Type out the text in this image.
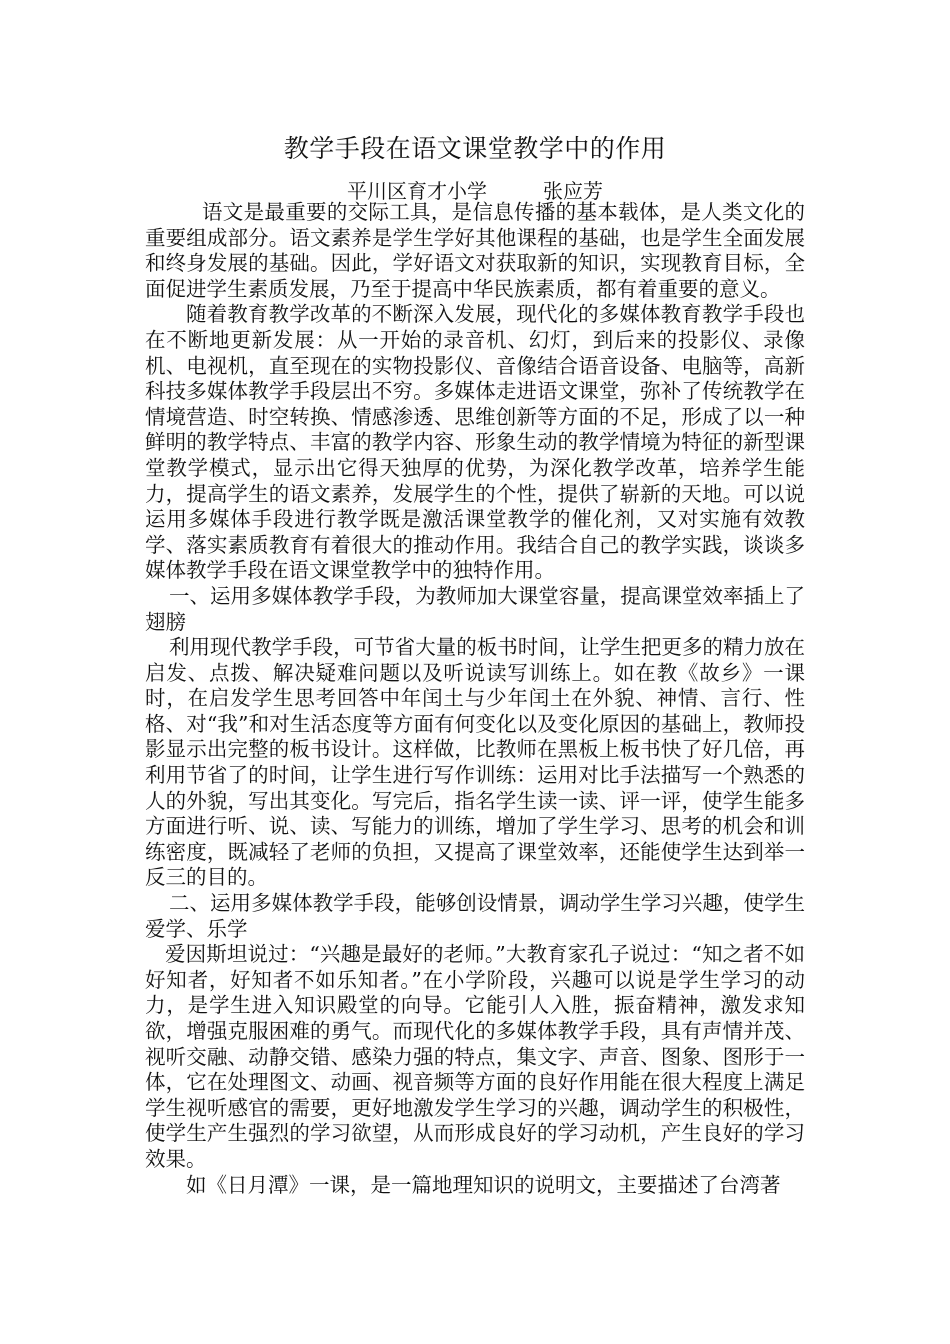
教学手段在语文课堂教学中的作用
平川区育才小学	张应芳

语文是最重要的交际工具，是信息传播的基本载体，是人类文化的重要组成部分。语文素养是学生学好其他课程的基础，也是学生全面发展和终身发展的基础。因此，学好语文对获取新的知识，实现教育目标，全面促进学生素质发展，乃至于提高中华民族素质，都有着重要的意义。

随着教育教学改革的不断深入发展，现代化的多媒体教育教学手段也在不断地更新发展：从一开始的录音机、幻灯，到后来的投影仪、录像机、电视机，直至现在的实物投影仪、音像结合语音设备、电脑等，高新科技多媒体教学手段层出不穷。多媒体走进语文课堂，弥补了传统教学在情境营造、时空转换、情感渗透、思维创新等方面的不足，形成了以一种鲜明的教学特点、丰富的教学内容、形象生动的教学情境为特征的新型课堂教学模式，显示出它得天独厚的优势，为深化教学改革，培养学生能力，提高学生的语文素养，发展学生的个性，提供了崭新的天地。可以说运用多媒体手段进行教学既是激活课堂教学的催化剂，又对实施有效教学、落实素质教育有着很大的推动作用。我结合自己的教学实践，谈谈多媒体教学手段在语文课堂教学中的独特作用。

一、运用多媒体教学手段，为教师加大课堂容量，提高课堂效率插上了翅膀

利用现代教学手段，可节省大量的板书时间，让学生把更多的精力放在启发、点拨、解决疑难问题以及听说读写训练上。如在教《故乡》一课时，在启发学生思考回答中年闰土与少年闰土在外貌、神情、言行、性格、对“我”和对生活态度等方面有何变化以及变化原因的基础上，教师投影显示出完整的板书设计。这样做，比教师在黑板上板书快了好几倍，再利用节省了的时间，让学生进行写作训练：运用对比手法描写一个熟悉的人的外貌，写出其变化。写完后，指名学生读一读、评一评，使学生能多方面进行听、说、读、写能力的训练，增加了学生学习、思考的机会和训练密度，既减轻了老师的负担，又提高了课堂效率，还能使学生达到举一反三的目的。

二、运用多媒体教学手段，能够创设情景，调动学生学习兴趣，使学生爱学、乐学

爱因斯坦说过：“兴趣是最好的老师。”大教育家孔子说过：“知之者不如好知者，好知者不如乐知者。”在小学阶段，兴趣可以说是学生学习的动力，是学生进入知识殿堂的向导。它能引人入胜，振奋精神，激发求知欲，增强克服困难的勇气。而现代化的多媒体教学手段，具有声情并茂、视听交融、动静交错、感染力强的特点，集文字、声音、图象、图形于一体，它在处理图文、动画、视音频等方面的良好作用能在很大程度上满足学生视听感官的需要，更好地激发学生学习的兴趣，调动学生的积极性，使学生产生强烈的学习欲望，从而形成良好的学习动机，产生良好的学习效果。

如《日月潭》一课，是一篇地理知识的说明文，主要描述了台湾著
